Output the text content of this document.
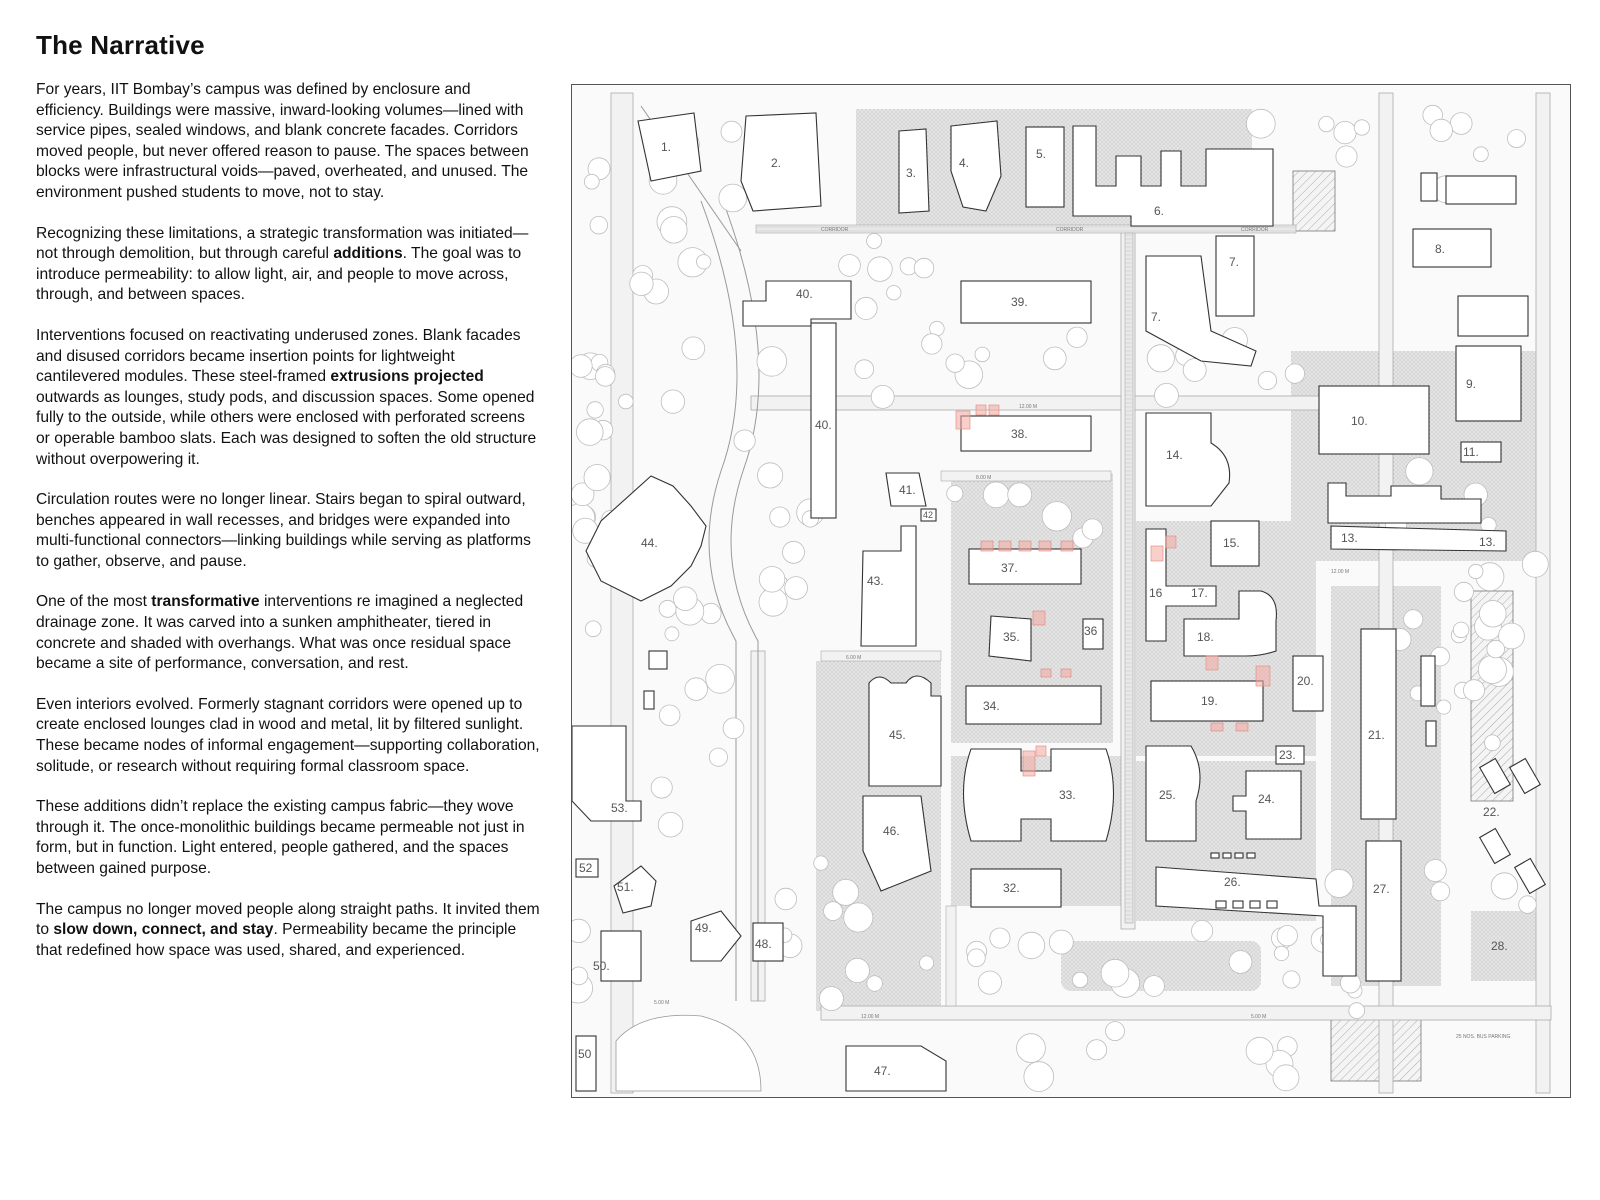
The Narrative

For years, IIT Bombay’s campus was defined by enclosure and efficiency. Buildings were massive, inward-looking volumes—lined with service pipes, sealed windows, and blank concrete facades. Corridors moved people, but never offered reason to pause. The spaces between blocks were infrastructural voids—paved, overheated, and unused. The environment pushed students to move, not to stay.

Recognizing these limitations, a strategic transformation was initiated—not through demolition, but through careful additions. The goal was to introduce permeability: to allow light, air, and people to move across, through, and between spaces.

Interventions focused on reactivating underused zones. Blank facades and disused corridors became insertion points for lightweight cantilevered modules. These steel-framed extrusions projected outwards as lounges, study pods, and discussion spaces. Some opened fully to the outside, while others were enclosed with perforated screens or operable bamboo slats. Each was designed to soften the old structure without overpowering it.

Circulation routes were no longer linear. Stairs began to spiral outward, benches appeared in wall recesses, and bridges were expanded into multi-functional connectors—linking buildings while serving as platforms to gather, observe, and pause.

One of the most transformative interventions re imagined a neglected drainage zone. It was carved into a sunken amphitheater, tiered in concrete and shaded with overhangs. What was once residual space became a site of performance, conversation, and rest.

Even interiors evolved. Formerly stagnant corridors were opened up to create enclosed lounges clad in wood and metal, lit by filtered sunlight. These became nodes of informal engagement—supporting collaboration, solitude, or research without requiring formal classroom space.

These additions didn’t replace the existing campus fabric—they wove through it. The once-monolithic buildings became permeable not just in form, but in function. Light entered, people gathered, and the spaces between gained purpose.

The campus no longer moved people along straight paths. It invited them to slow down, connect, and stay. Permeability became the principle that redefined how space was used, shared, and experienced.

CORRIDOR	CORRIDOR	CORRIDOR
12.00 M
8.00 M
12.00 M
12.00 M	5.00 M
6.00 M
5.00 M
25 NOS. BUS PARKING
1.
2.
3.
4.
5.
6.
7.
7.
8.
9.
10.
11.
13.	13.
14.
15.
16 17.
18.
19.
20.
21.
22.
23.
24.
25.
26.	27.
28.
32.
33.
34.
35.	36
37.
38.
39.
40.
40.
41.
42
43.
44.
45.
46.
47.
48.
49.
50.
50
51.
52
53.
